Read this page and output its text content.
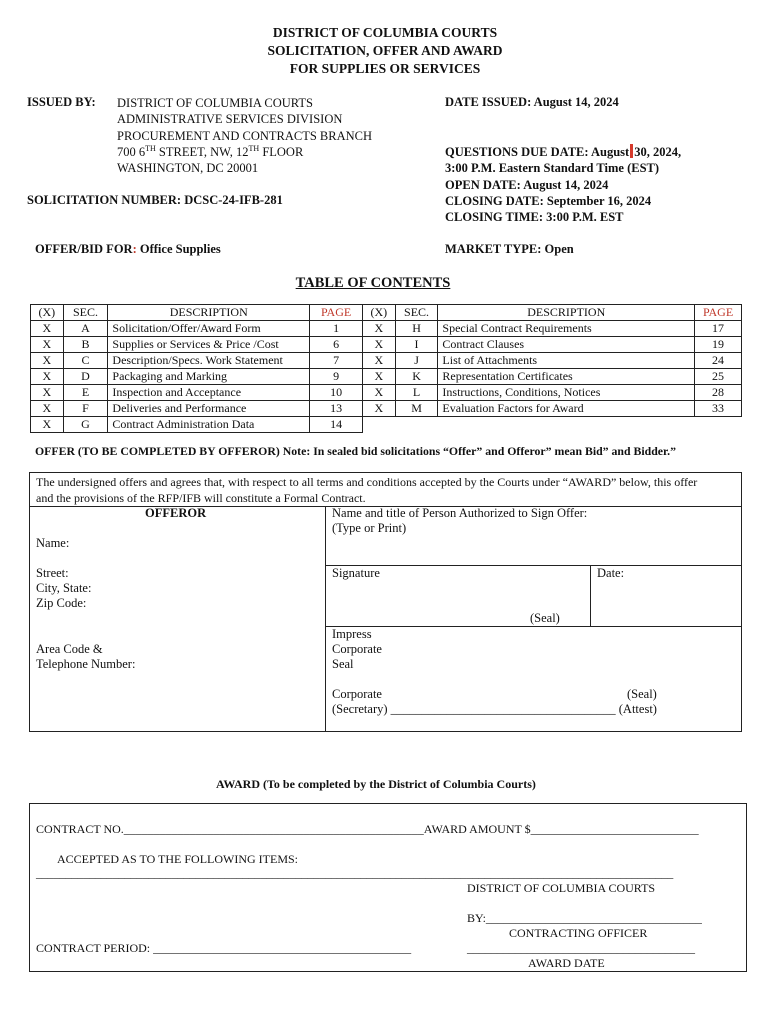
DISTRICT OF COLUMBIA COURTS
SOLICITATION, OFFER AND AWARD
FOR SUPPLIES OR SERVICES
ISSUED BY: DISTRICT OF COLUMBIA COURTS
ADMINISTRATIVE SERVICES DIVISION
PROCUREMENT AND CONTRACTS BRANCH
700 6TH STREET, NW, 12TH FLOOR
WASHINGTON, DC 20001
DATE ISSUED: August 14, 2024
QUESTIONS DUE DATE: August 30, 2024,
3:00 P.M. Eastern Standard Time (EST)
OPEN DATE: August 14, 2024
CLOSING DATE: September 16, 2024
CLOSING TIME: 3:00 P.M. EST
SOLICITATION NUMBER: DCSC-24-IFB-281
OFFER/BID FOR: Office Supplies	MARKET TYPE: Open
TABLE OF CONTENTS
(X)	SEC.	DESCRIPTION	PAGE	(X)	SEC.	DESCRIPTION	PAGE
X	A	Solicitation/Offer/Award Form	1	X	H	Special Contract Requirements	17
X	B	Supplies or Services & Price /Cost	6	X	I	Contract Clauses	19
X	C	Description/Specs. Work Statement	7	X	J	List of Attachments	24
X	D	Packaging and Marking	9	X	K	Representation Certificates	25
X	E	Inspection and Acceptance	10	X	L	Instructions, Conditions, Notices	28
X	F	Deliveries and Performance	13	X	M	Evaluation Factors for Award	33
X	G	Contract Administration Data	14				
OFFER (TO BE COMPLETED BY OFFEROR) Note: In sealed bid solicitations “Offer” and Offeror” mean Bid” and Bidder.”
The undersigned offers and agrees that, with respect to all terms and conditions accepted by the Courts under “AWARD” below, this offer
and the provisions of the RFP/IFB will constitute a Formal Contract.
OFFEROR
Name:
Name and title of Person Authorized to Sign Offer:
(Type or Print)
Street:
City, State:
Zip Code:
Signature	Date:
(Seal)
Impress
Corporate
Seal
Area Code &
Telephone Number:
Corporate	(Seal)
(Secretary) ____________________________________ (Attest)
AWARD (To be completed by the District of Columbia Courts)
CONTRACT NO.__________________________________________________AWARD AMOUNT $____________________________
ACCEPTED AS TO THE FOLLOWING ITEMS:
____________________________________________________________________________________________________________
DISTRICT OF COLUMBIA COURTS
BY:____________________________________
CONTRACTING OFFICER
CONTRACT PERIOD: ___________________________________________	______________________________________
AWARD DATE
